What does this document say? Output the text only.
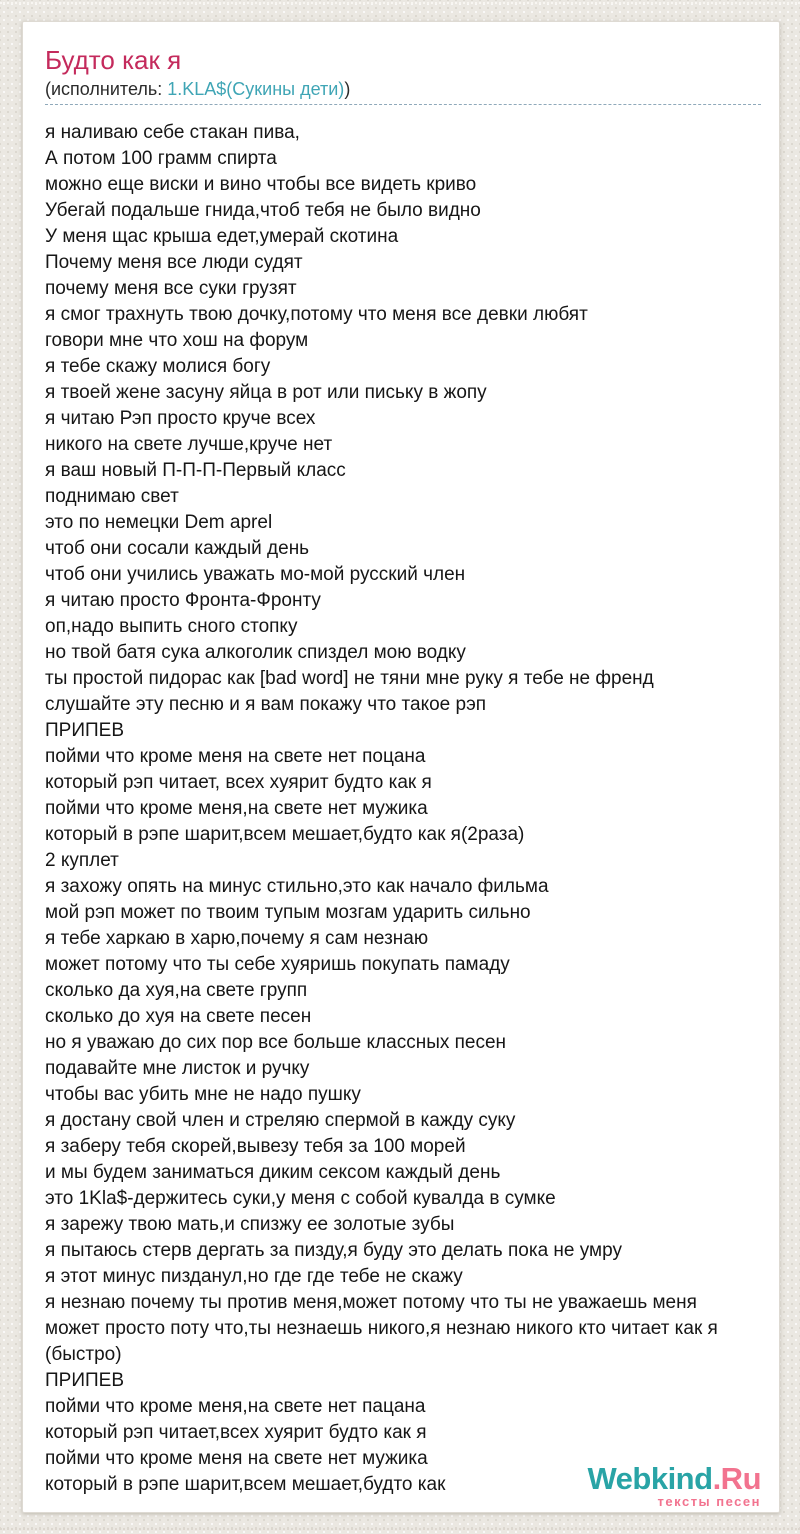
Будто как я
(исполнитель: 1.KLA$(Сукины дети))
я наливаю себе стакан пива,
А потом 100 грамм спирта
можно еще виски и вино чтобы все видеть криво
Убегай подальше гнида,чтоб тебя не было видно
У меня щас крыша едет,умерай скотина
Почему меня все люди судят
почему меня все суки грузят
я смог трахнуть твою дочку,потому что меня все девки любят
говори мне что хош на форум
я тебе скажу молися богу
я твоей жене засуну яйца в рот или письку в жопу
я читаю Рэп просто круче всех
никого на свете лучше,круче нет
я ваш новый П-П-П-Первый класс
поднимаю свет
это по немецки Dem aprel
чтоб они сосали каждый день
чтоб они учились уважать мо-мой русский член
я читаю просто Фронта-Фронту
оп,надо выпить сного стопку
но твой батя сука алкоголик спиздел мою водку
ты простой пидорас как [bad word] не тяни мне руку я тебе не френд
слушайте эту песню и я вам покажу что такое рэп
ПРИПЕВ
пойми что кроме меня на свете нет поцана
который рэп читает, всех хуярит будто как я
пойми что кроме меня,на свете нет мужика
который в рэпе шарит,всем мешает,будто как я(2раза)
2 куплет
я захожу опять на минус стильно,это как начало фильма
мой рэп может по твоим тупым мозгам ударить сильно
я тебе харкаю в харю,почему я сам незнаю
может потому что ты себе хуяришь покупать памаду
сколько да хуя,на свете групп
сколько до хуя на свете песен
но я уважаю до сих пор все больше классных песен
подавайте мне листок и ручку
чтобы вас убить мне не надо пушку
я достану свой член и стреляю спермой в кажду суку
я заберу тебя скорей,вывезу тебя за 100 морей
и мы будем заниматься диким сексом каждый день
это 1Kla$-держитесь суки,у меня с собой кувалда в сумке
я зарежу твою мать,и спизжу ее золотые зубы
я пытаюсь стерв дергать за пизду,я буду это делать пока не умру
я этот минус пизданул,но где где тебе не скажу
я незнаю почему ты против меня,может потому что ты не уважаешь меня
может просто поту что,ты незнаешь никого,я незнаю никого кто читает как я
(быстро)
ПРИПЕВ
пойми что кроме меня,на свете нет пацана
который рэп читает,всех хуярит будто как я
пойми что кроме меня на свете нет мужика
который в рэпе шарит,всем мешает,будто как	Webkind.Ru
тексты песен
